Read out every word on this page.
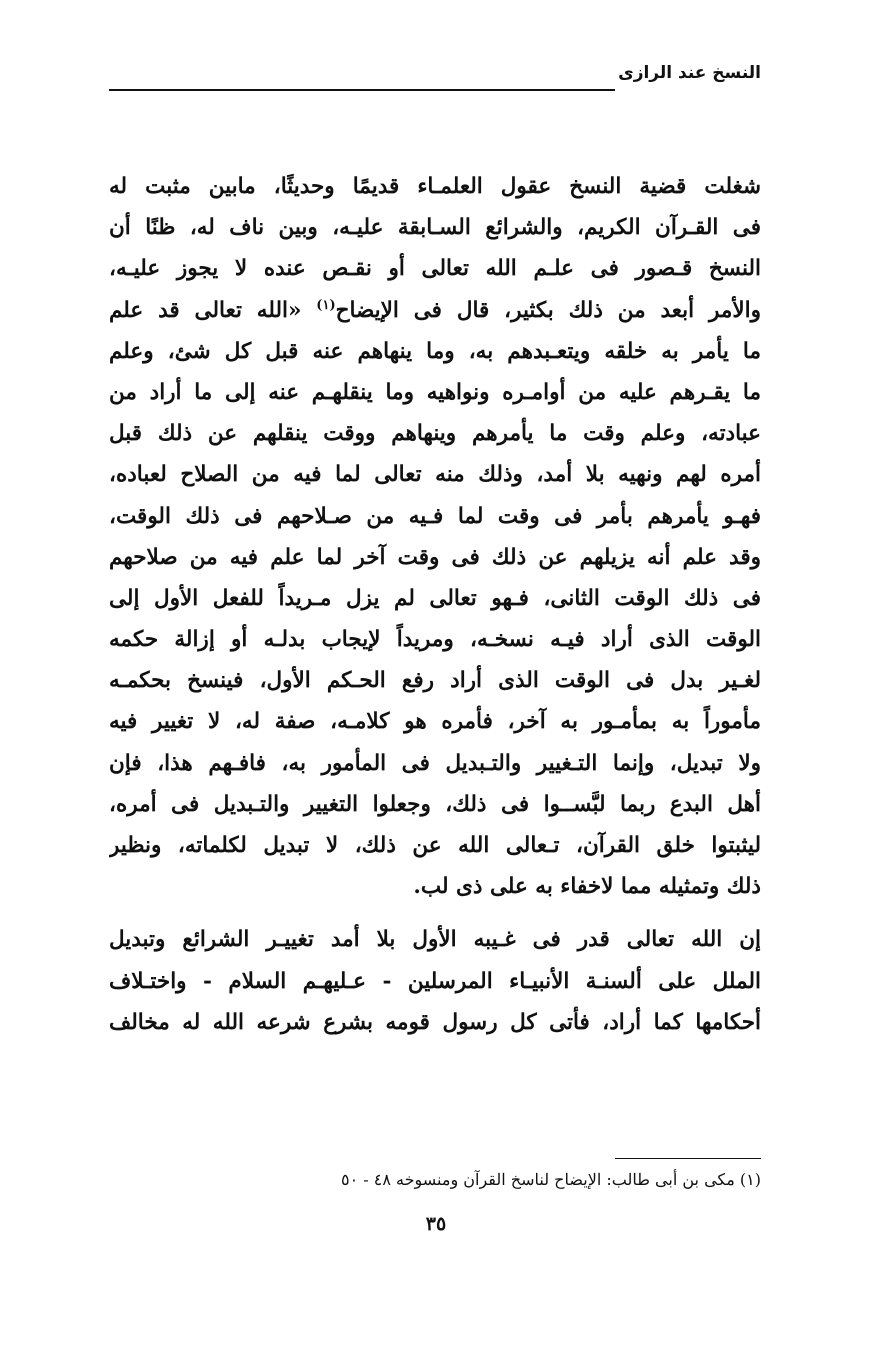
النسخ عند الرازى

شغلت قضية النسخ عقول العلمـاء قديمًا وحديثًا، مابين مثبت له
فى القـرآن الكريم، والشرائع السـابقة عليـه، وبين ناف له، ظنًا أن
النسخ قـصور فى علـم الله تعالى أو نقـص عنده لا يجوز عليـه،
والأمر أبعد من ذلك بكثير، قال فى الإيضاح$^{(١)}$ «الله تعالى قد علم
ما يأمر به خلقه ويتعـبدهم به، وما ينهاهم عنه قبل كل شئ، وعلم
ما يقـرهم عليه من أوامـره ونواهيه وما ينقلهـم عنه إلى ما أراد من
عبادته، وعلم وقت ما يأمرهم وينهاهم ووقت ينقلهم عن ذلك قبل
أمره لهم ونهيه بلا أمد، وذلك منه تعالى لما فيه من الصلاح لعباده،
فهـو يأمرهم بأمر فى وقت لما فـيه من صـلاحهم فى ذلك الوقت،
وقد علم أنه يزيلهم عن ذلك فى وقت آخر لما علم فيه من صلاحهم
فى ذلك الوقت الثانى، فـهو تعالى لم يزل مـريداً للفعل الأول إلى
الوقت الذى أراد فيـه نسخـه، ومريداً لإيجاب بدلـه أو إزالة حكمه
لغـير بدل فى الوقت الذى أراد رفع الحـكم الأول، فينسخ بحكمـه
مأموراً به بمأمـور به آخر، فأمره هو كلامـه، صفة له، لا تغيير فيه
ولا تبديل، وإنما التـغيير والتـبديل فى المأمور به، فافـهم هذا، فإن
أهل البدع ربما لبَّســوا فى ذلك، وجعلوا التغيير والتـبديل فى أمره،
ليثبتوا خلق القرآن، تـعالى الله عن ذلك، لا تبديل لكلماته، ونظير
ذلك وتمثيله مما لاخفاء به على ذى لب.

إن الله تعالى قدر فى غـيبه الأول بلا أمد تغييـر الشرائع وتبديل
الملل على ألسنـة الأنبيـاء المرسلين - عـليهـم السلام - واختـلاف
أحكامها كما أراد، فأتى كل رسول قومه بشرع شرعه الله له مخالف

(١) مكى بن أبى طالب: الإيضاح لناسخ القرآن ومنسوخه ٤٨ - ٥٠
٣٥
